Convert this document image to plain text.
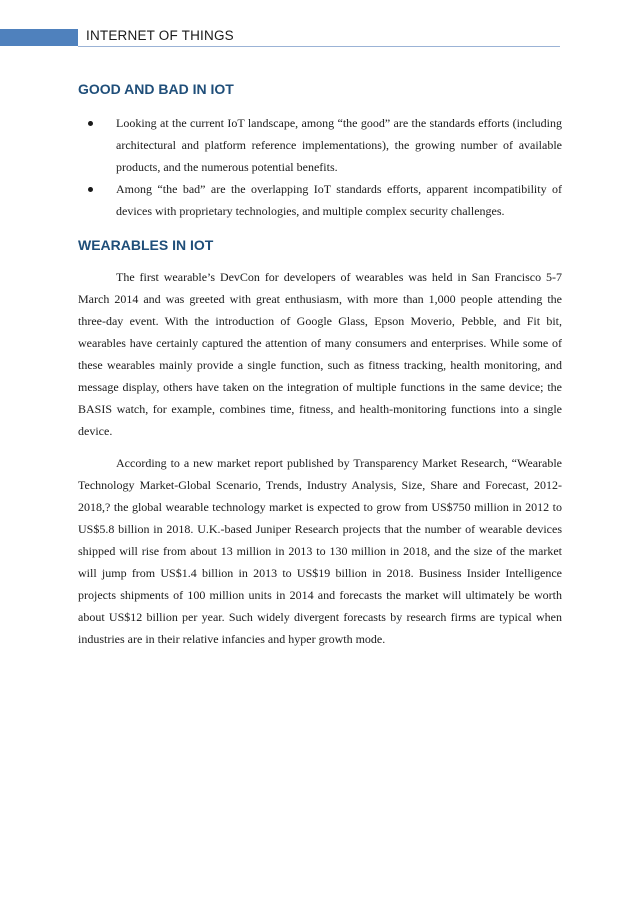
INTERNET OF THINGS
GOOD AND BAD IN IOT
Looking at the current IoT landscape, among “the good” are the standards efforts (including architectural and platform reference implementations), the growing number of available products, and the numerous potential benefits.
Among “the bad” are the overlapping IoT standards efforts, apparent incompatibility of devices with proprietary technologies, and multiple complex security challenges.
WEARABLES IN IOT

The first wearable’s DevCon for developers of wearables was held in San Francisco 5-7 March 2014 and was greeted with great enthusiasm, with more than 1,000 people attending the three-day event. With the introduction of Google Glass, Epson Moverio, Pebble, and Fit bit, wearables have certainly captured the attention of many consumers and enterprises. While some of these wearables mainly provide a single function, such as fitness tracking, health monitoring, and message display, others have taken on the integration of multiple functions in the same device; the BASIS watch, for example, combines time, fitness, and health-monitoring functions into a single device.

According to a new market report published by Transparency Market Research, “Wearable Technology Market-Global Scenario, Trends, Industry Analysis, Size, Share and Forecast, 2012-2018,? the global wearable technology market is expected to grow from US$750 million in 2012 to US$5.8 billion in 2018. U.K.-based Juniper Research projects that the number of wearable devices shipped will rise from about 13 million in 2013 to 130 million in 2018, and the size of the market will jump from US$1.4 billion in 2013 to US$19 billion in 2018. Business Insider Intelligence projects shipments of 100 million units in 2014 and forecasts the market will ultimately be worth about US$12 billion per year. Such widely divergent forecasts by research firms are typical when industries are in their relative infancies and hyper growth mode.
